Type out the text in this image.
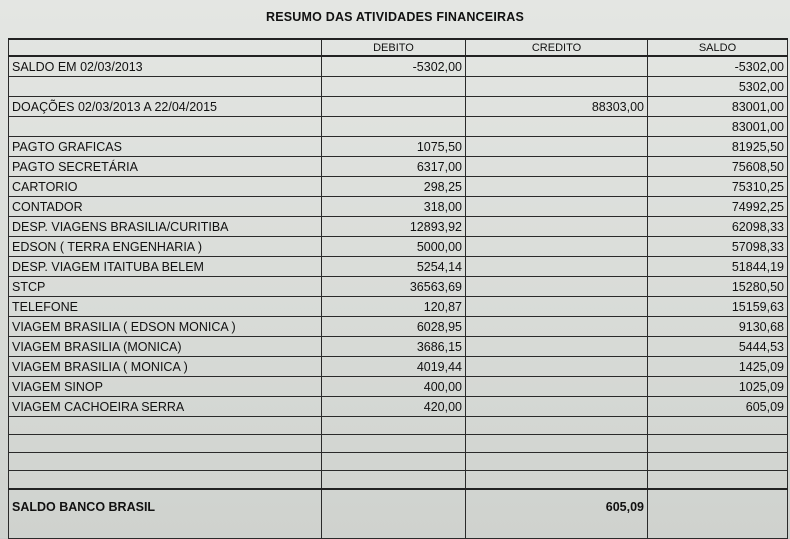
RESUMO DAS ATIVIDADES FINANCEIRAS
	DEBITO	CREDITO	SALDO
SALDO EM 02/03/2013	-5302,00		-5302,00
			5302,00
DOAÇÕES 02/03/2013 A 22/04/2015		88303,00	83001,00
			83001,00
PAGTO GRAFICAS	1075,50		81925,50
PAGTO SECRETÁRIA	6317,00		75608,50
CARTORIO	298,25		75310,25
CONTADOR	318,00		74992,25
DESP. VIAGENS BRASILIA/CURITIBA	12893,92		62098,33
EDSON ( TERRA ENGENHARIA )	5000,00		57098,33
DESP. VIAGEM ITAITUBA BELEM	5254,14		51844,19
STCP	36563,69		15280,50
TELEFONE	120,87		15159,63
VIAGEM BRASILIA ( EDSON MONICA )	6028,95		9130,68
VIAGEM BRASILIA (MONICA)	3686,15		5444,53
VIAGEM BRASILIA ( MONICA )	4019,44		1425,09
VIAGEM SINOP	400,00		1025,09
VIAGEM CACHOEIRA SERRA	420,00		605,09

SALDO BANCO BRASIL		605,09	
